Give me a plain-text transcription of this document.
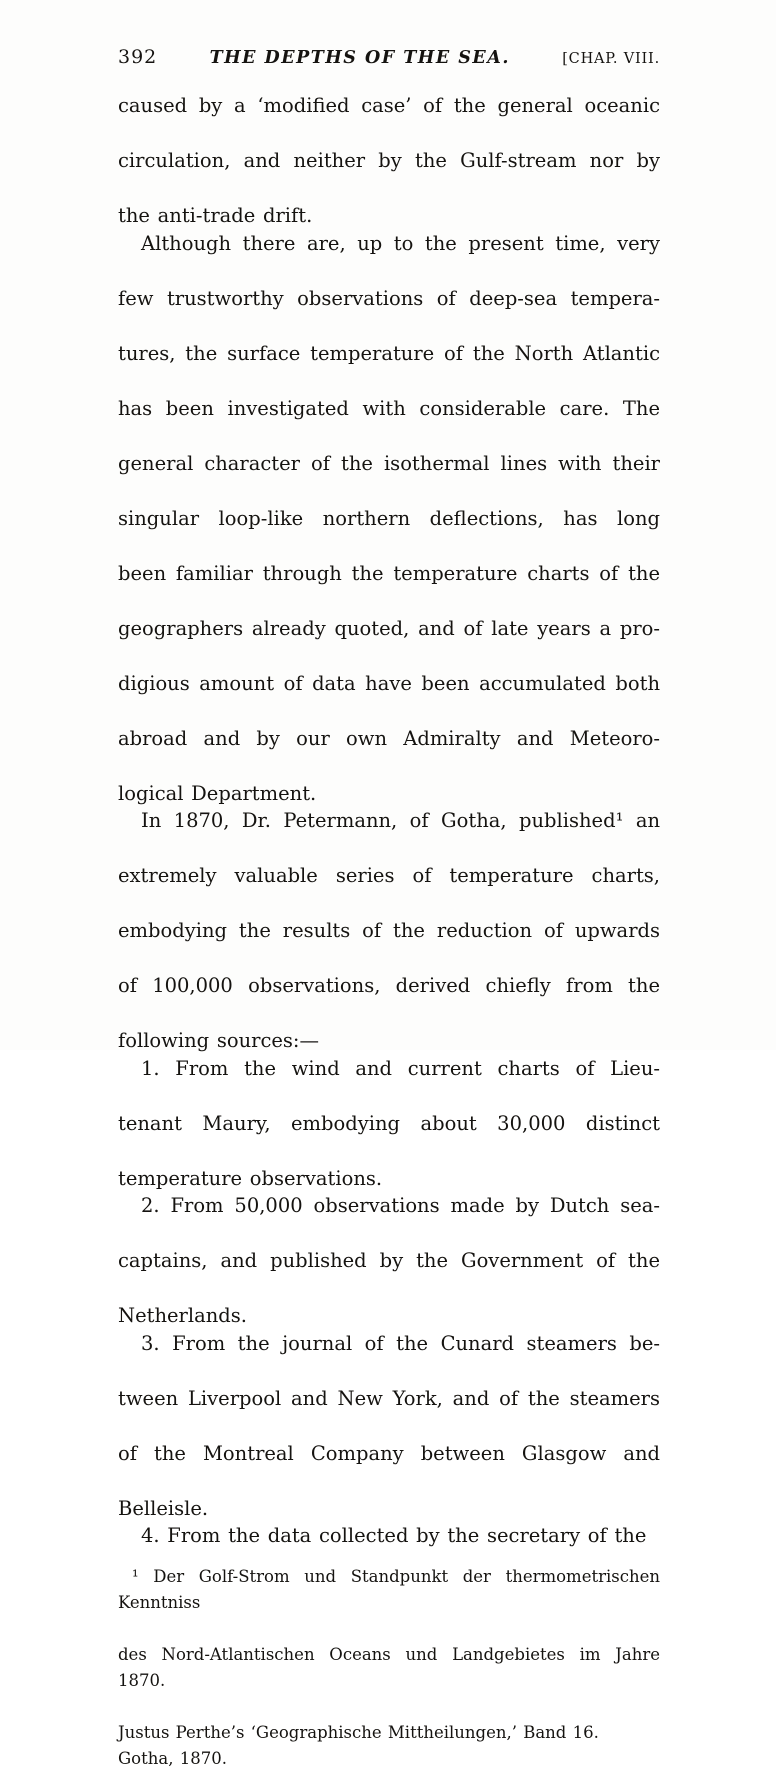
392	THE DEPTHS OF THE SEA.	[CHAP. VIII.

caused by a ‘modified case’ of the general oceanic
circulation, and neither by the Gulf-stream nor by
the anti-trade drift.

Although there are, up to the present time, very
few trustworthy observations of deep-sea tempera-
tures, the surface temperature of the North Atlantic
has been investigated with considerable care. The
general character of the isothermal lines with their
singular loop-like northern deflections, has long
been familiar through the temperature charts of the
geographers already quoted, and of late years a pro-
digious amount of data have been accumulated both
abroad and by our own Admiralty and Meteoro-
logical Department.

In 1870, Dr. Petermann, of Gotha, published¹ an
extremely valuable series of temperature charts,
embodying the results of the reduction of upwards
of 100,000 observations, derived chiefly from the
following sources:—

1. From the wind and current charts of Lieu-
tenant Maury, embodying about 30,000 distinct
temperature observations.

2. From 50,000 observations made by Dutch sea-
captains, and published by the Government of the
Netherlands.

3. From the journal of the Cunard steamers be-
tween Liverpool and New York, and of the steamers
of the Montreal Company between Glasgow and
Belleisle.

4. From the data collected by the secretary of the

¹ Der Golf-Strom und Standpunkt der thermometrischen Kenntniss
des Nord-Atlantischen Oceans und Landgebietes im Jahre 1870.
Justus Perthe’s ‘Geographische Mittheilungen,’ Band 16. Gotha, 1870.
